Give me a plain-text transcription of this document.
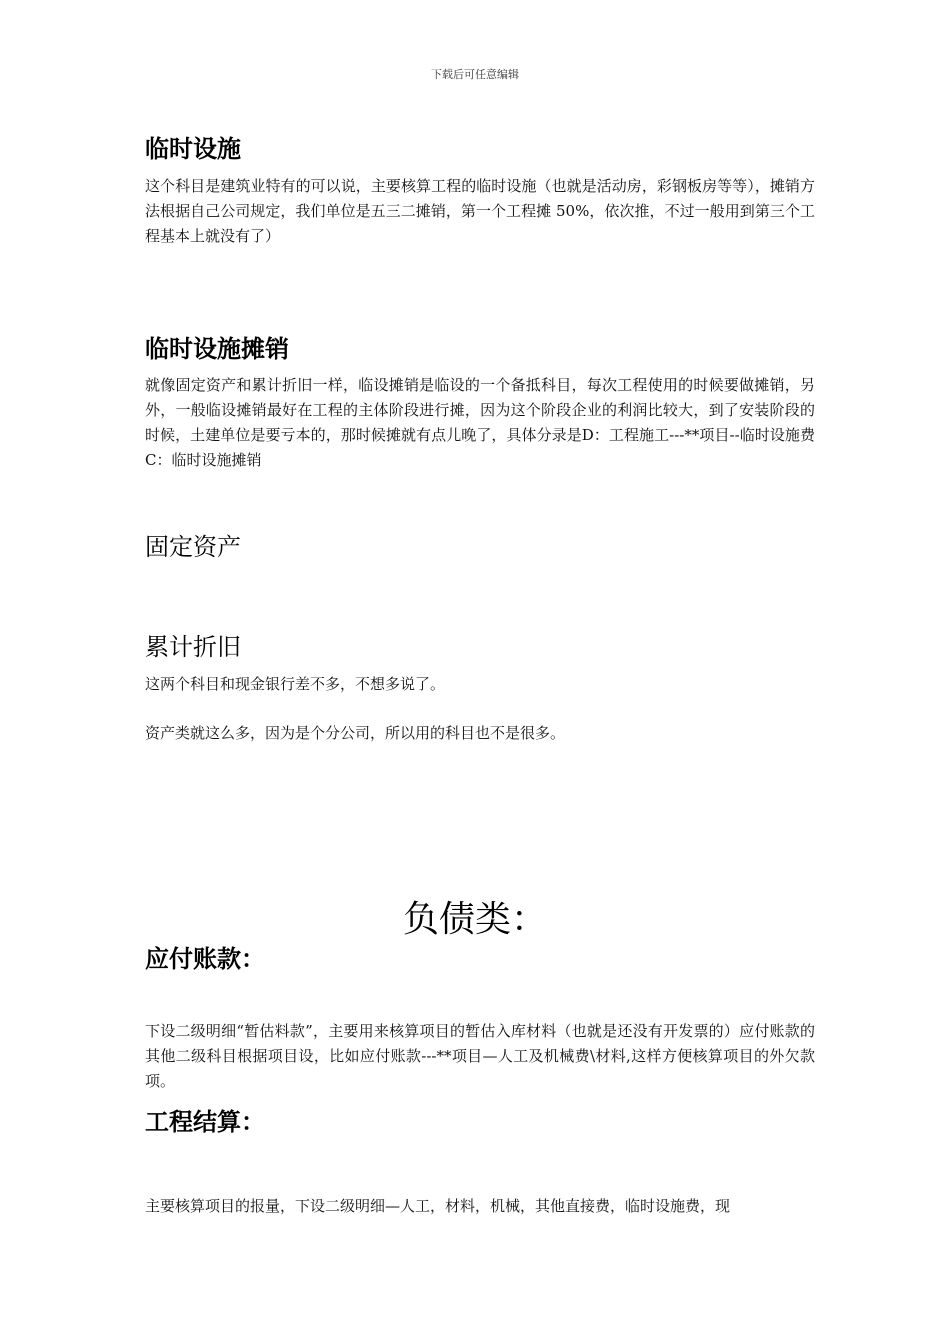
下载后可任意编辑
临时设施

这个科目是建筑业特有的可以说，主要核算工程的临时设施（也就是活动房，彩钢板房等等），摊销方法根据自己公司规定，我们单位是五三二摊销，第一个工程摊 50%，依次推，不过一般用到第三个工程基本上就没有了）

临时设施摊销

就像固定资产和累计折旧一样，临设摊销是临设的一个备抵科目，每次工程使用的时候要做摊销，另外，一般临设摊销最好在工程的主体阶段进行摊，因为这个阶段企业的利润比较大，到了安装阶段的时候，土建单位是要亏本的，那时候摊就有点儿晚了，具体分录是D：工程施工---**项目--临时设施费 C：临时设施摊销

固定资产
累计折旧

这两个科目和现金银行差不多，不想多说了。

资产类就这么多，因为是个分公司，所以用的科目也不是很多。

负债类：
应付账款：

下设二级明细“暂估料款”，主要用来核算项目的暂估入库材料（也就是还没有开发票的）应付账款的其他二级科目根据项目设，比如应付账款---**项目—人工及机械费\材料,这样方便核算项目的外欠款项。

工程结算：

主要核算项目的报量，下设二级明细—人工，材料，机械，其他直接费，临时设施费，现
